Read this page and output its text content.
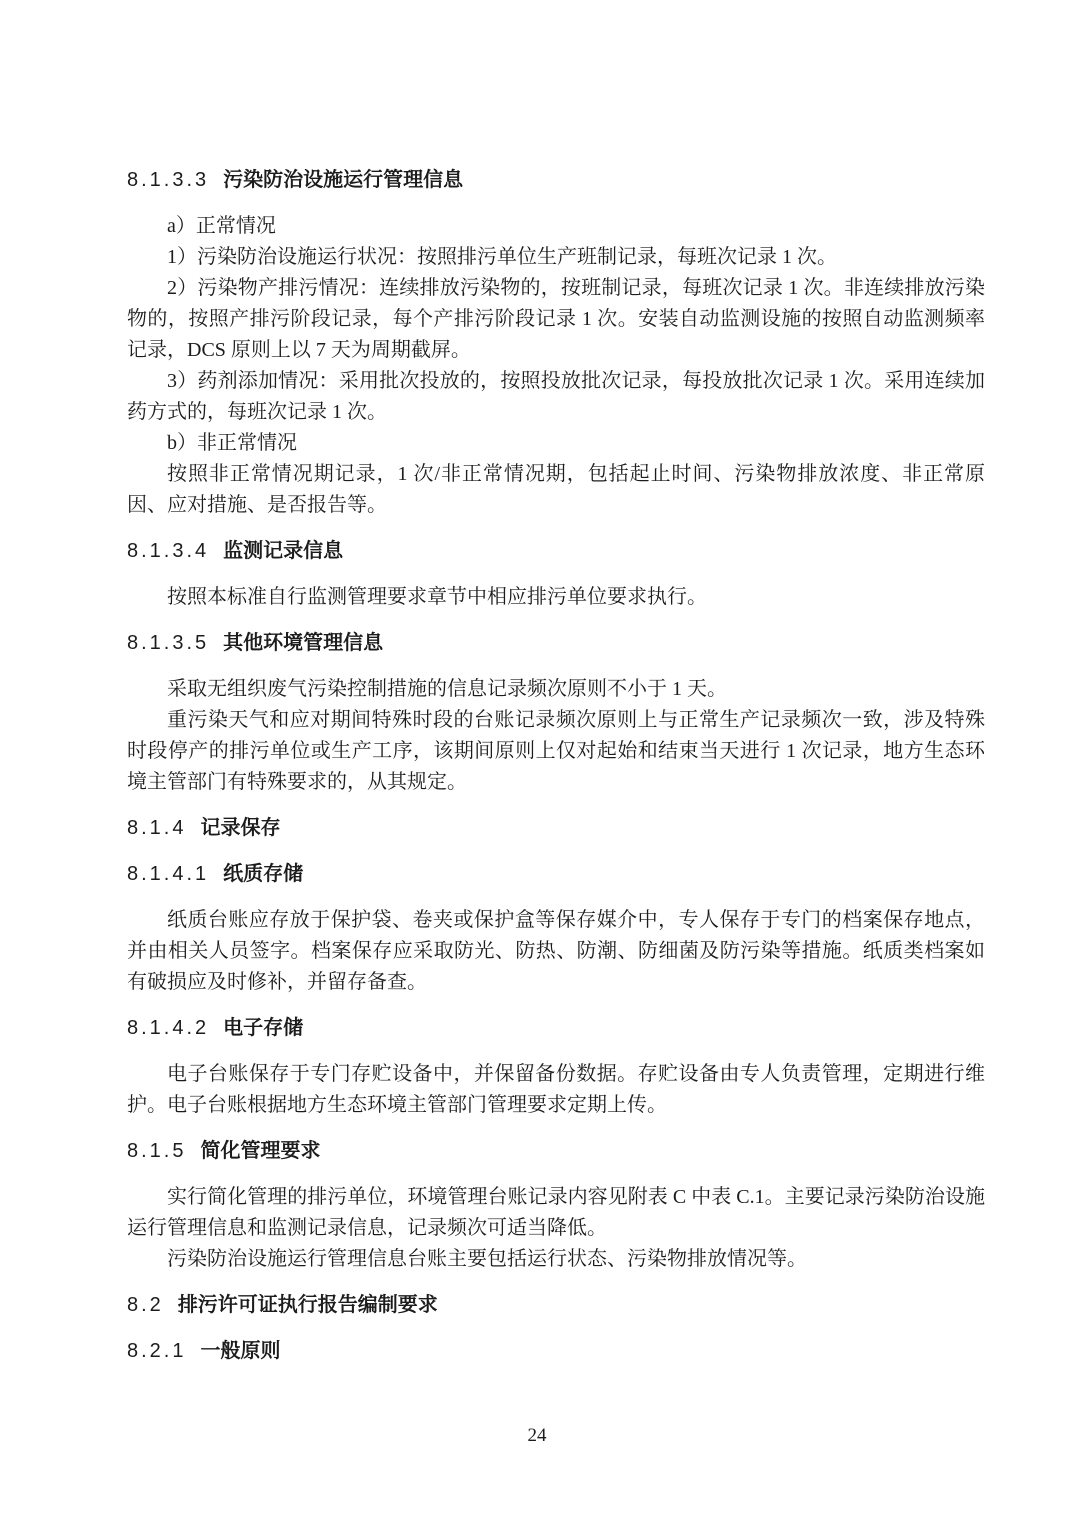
8.1.3.3 污染防治设施运行管理信息

a）正常情况

1）污染防治设施运行状况：按照排污单位生产班制记录，每班次记录 1 次。

2）污染物产排污情况：连续排放污染物的，按班制记录，每班次记录 1 次。非连续排放污染物的，按照产排污阶段记录，每个产排污阶段记录 1 次。安装自动监测设施的按照自动监测频率记录，DCS 原则上以 7 天为周期截屏。

3）药剂添加情况：采用批次投放的，按照投放批次记录，每投放批次记录 1 次。采用连续加药方式的，每班次记录 1 次。

b）非正常情况

按照非正常情况期记录，1 次/非正常情况期，包括起止时间、污染物排放浓度、非正常原因、应对措施、是否报告等。

8.1.3.4 监测记录信息

按照本标准自行监测管理要求章节中相应排污单位要求执行。

8.1.3.5 其他环境管理信息

采取无组织废气污染控制措施的信息记录频次原则不小于 1 天。

重污染天气和应对期间特殊时段的台账记录频次原则上与正常生产记录频次一致，涉及特殊时段停产的排污单位或生产工序，该期间原则上仅对起始和结束当天进行 1 次记录，地方生态环境主管部门有特殊要求的，从其规定。

8.1.4 记录保存
8.1.4.1 纸质存储

纸质台账应存放于保护袋、卷夹或保护盒等保存媒介中，专人保存于专门的档案保存地点，并由相关人员签字。档案保存应采取防光、防热、防潮、防细菌及防污染等措施。纸质类档案如有破损应及时修补，并留存备查。

8.1.4.2 电子存储

电子台账保存于专门存贮设备中，并保留备份数据。存贮设备由专人负责管理，定期进行维护。电子台账根据地方生态环境主管部门管理要求定期上传。

8.1.5 简化管理要求

实行简化管理的排污单位，环境管理台账记录内容见附表 C 中表 C.1。主要记录污染防治设施运行管理信息和监测记录信息，记录频次可适当降低。

污染防治设施运行管理信息台账主要包括运行状态、污染物排放情况等。

8.2 排污许可证执行报告编制要求
8.2.1 一般原则
24
